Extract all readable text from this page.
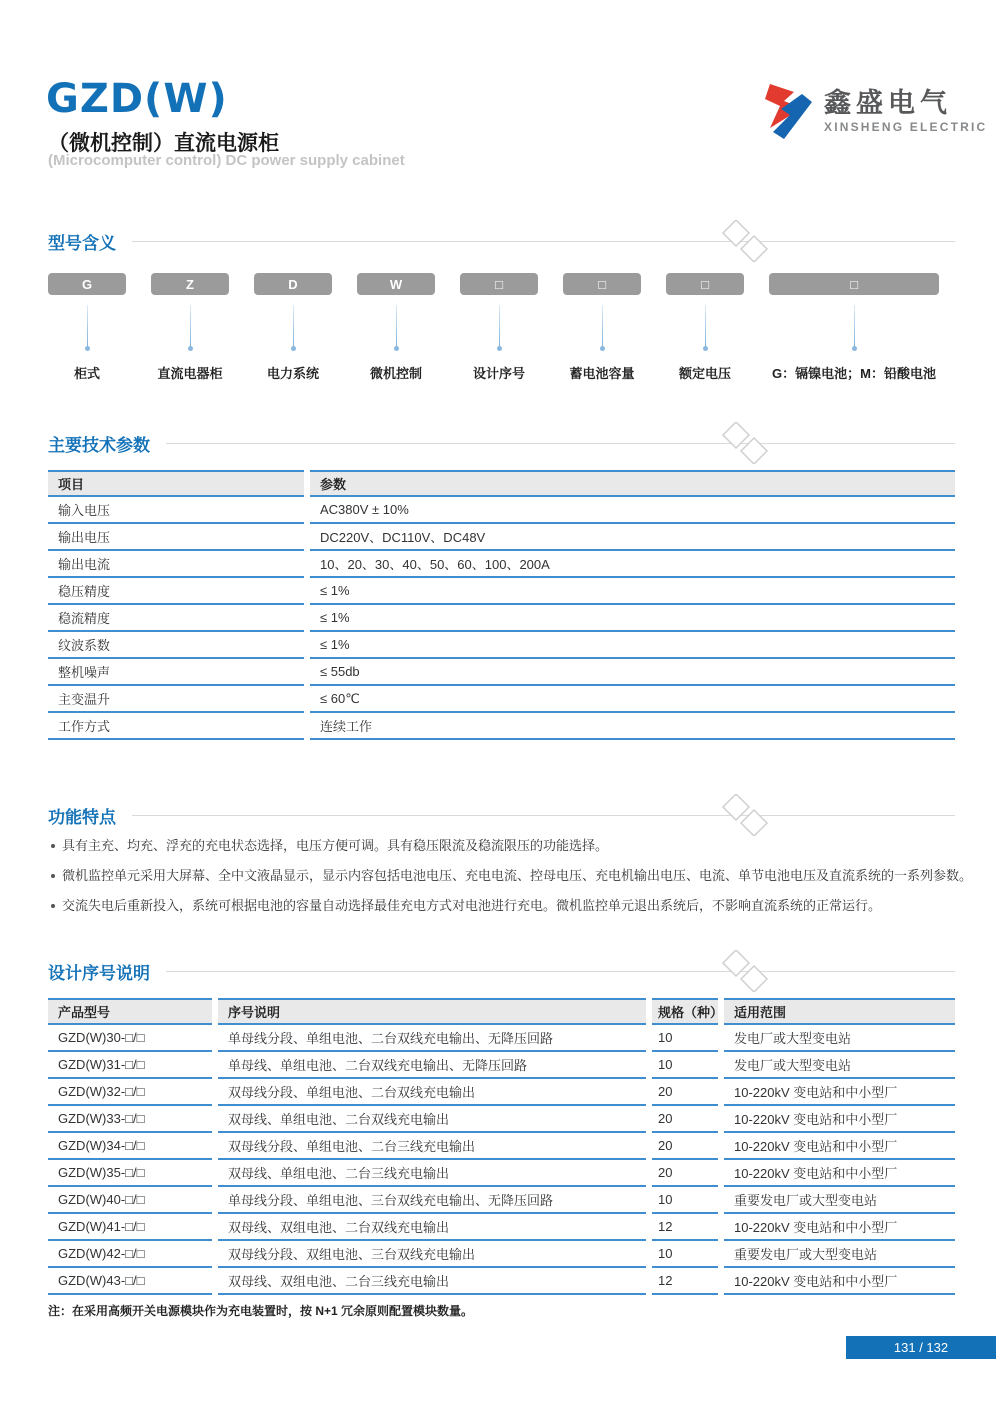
GZD(W)
（微机控制）直流电源柜
(Microcomputer control) DC power supply cabinet
鑫盛电气
XINSHENG ELECTRIC
型号含义
G	Z	D	W	□	□	□	□
柜式	直流电器柜	电力系统	微机控制	设计序号	蓄电池容量	额定电压	G：镉镍电池；M：铅酸电池
主要技术参数
项目	参数
输入电压	AC380V ± 10%
输出电压	DC220V、DC110V、DC48V
输出电流	10、20、30、40、50、60、100、200A
稳压精度	≤ 1%
稳流精度	≤ 1%
纹波系数	≤ 1%
整机噪声	≤ 55db
主变温升	≤ 60℃
工作方式	连续工作
功能特点
具有主充、均充、浮充的充电状态选择，电压方便可调。具有稳压限流及稳流限压的功能选择。
微机监控单元采用大屏幕、全中文液晶显示，显示内容包括电池电压、充电电流、控母电压、充电机输出电压、电流、单节电池电压及直流系统的一系列参数。
交流失电后重新投入，系统可根据电池的容量自动选择最佳充电方式对电池进行充电。微机监控单元退出系统后，不影响直流系统的正常运行。
设计序号说明
产品型号	序号说明	规格（种） 适用范围
GZD(W)30-□/□	单母线分段、单组电池、二台双线充电输出、无降压回路	10	发电厂或大型变电站
GZD(W)31-□/□	单母线、单组电池、二台双线充电输出、无降压回路	10	发电厂或大型变电站
GZD(W)32-□/□	双母线分段、单组电池、二台双线充电输出	20	10-220kV 变电站和中小型厂
GZD(W)33-□/□	双母线、单组电池、二台双线充电输出	20	10-220kV 变电站和中小型厂
GZD(W)34-□/□	双母线分段、单组电池、二台三线充电输出	20	10-220kV 变电站和中小型厂
GZD(W)35-□/□	双母线、单组电池、二台三线充电输出	20	10-220kV 变电站和中小型厂
GZD(W)40-□/□	单母线分段、单组电池、三台双线充电输出、无降压回路	10	重要发电厂或大型变电站
GZD(W)41-□/□	双母线、双组电池、二台双线充电输出	12	10-220kV 变电站和中小型厂
GZD(W)42-□/□	双母线分段、双组电池、三台双线充电输出	10	重要发电厂或大型变电站
GZD(W)43-□/□	双母线、双组电池、二台三线充电输出	12	10-220kV 变电站和中小型厂
注：在采用高频开关电源模块作为充电装置时，按 N+1 冗余原则配置模块数量。
131 / 132
